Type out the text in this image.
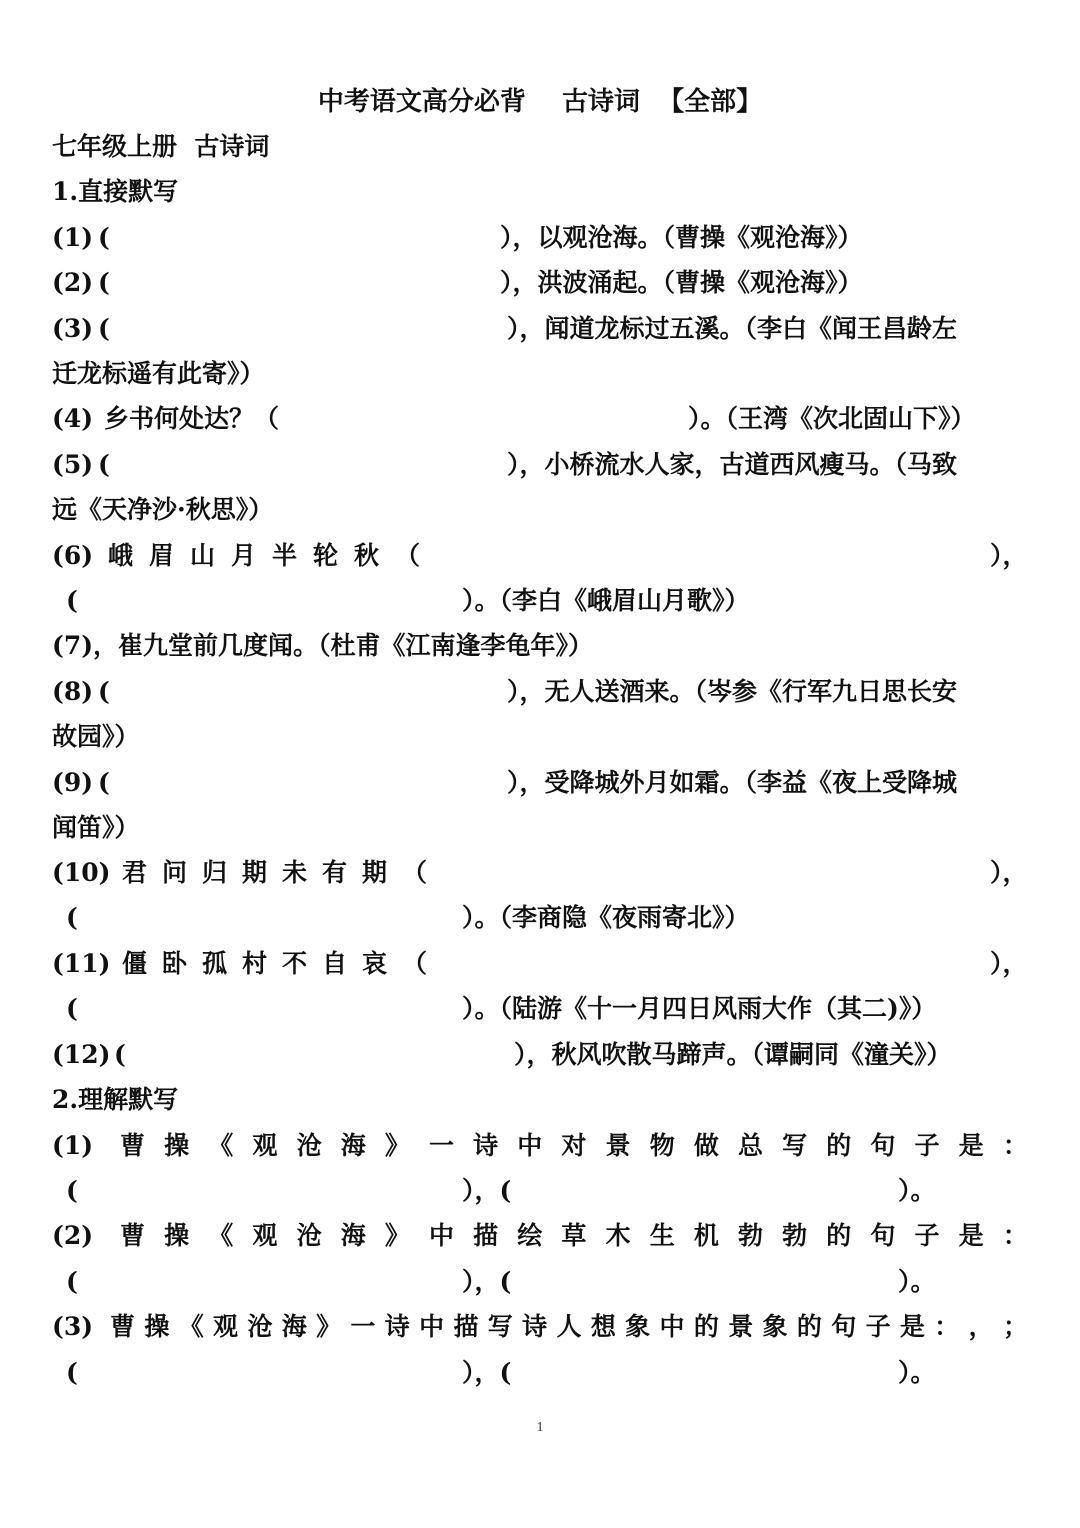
中考语文高分必背    古诗词  【全部】
七年级上册  古诗词
1.直接默写
(1) (	），以观沧海。（曹操《观沧海》）
(2) (	），洪波涌起。（曹操《观沧海》）
(3) (	），闻道龙标过五溪。（李白《闻王昌龄左
迁龙标遥有此寄》）
(4) 乡书何处达？（	）。（王湾《次北固山下》）
(5) (	），小桥流水人家，古道西风瘦马。（马致
远《天净沙·秋思》）
(6) 峨眉山月半轮秋（	），
(	）。（李白《峨眉山月歌》）
(7)，崔九堂前几度闻。（杜甫《江南逢李龟年》）
(8) (	），无人送酒来。（岑参《行军九日思长安
故园》）
(9) (	），受降城外月如霜。（李益《夜上受降城
闻笛》）
(10) 君问归期未有期（	），
(	）。（李商隐《夜雨寄北》）
(11) 僵卧孤村不自哀（	），
(	）。（陆游《十一月四日风雨大作（其二)》）
(12) (	），秋风吹散马蹄声。（谭嗣同《潼关》）
2.理解默写
(1) 曹 操 《 观 沧 海 》 一 诗 中 对 景 物 做 总 写 的 句 子 是 ：
(	），(	）。
(2) 曹 操 《 观 沧 海 》 中 描 绘 草 木 生 机 勃 勃 的 句 子 是 ：
(	），(	）。
(3) 曹 操 《 观 沧 海 》 一 诗 中 描 写 诗 人 想 象 中 的 景 象 的 句 子 是 ： ， ；
(	），(	）。
1
